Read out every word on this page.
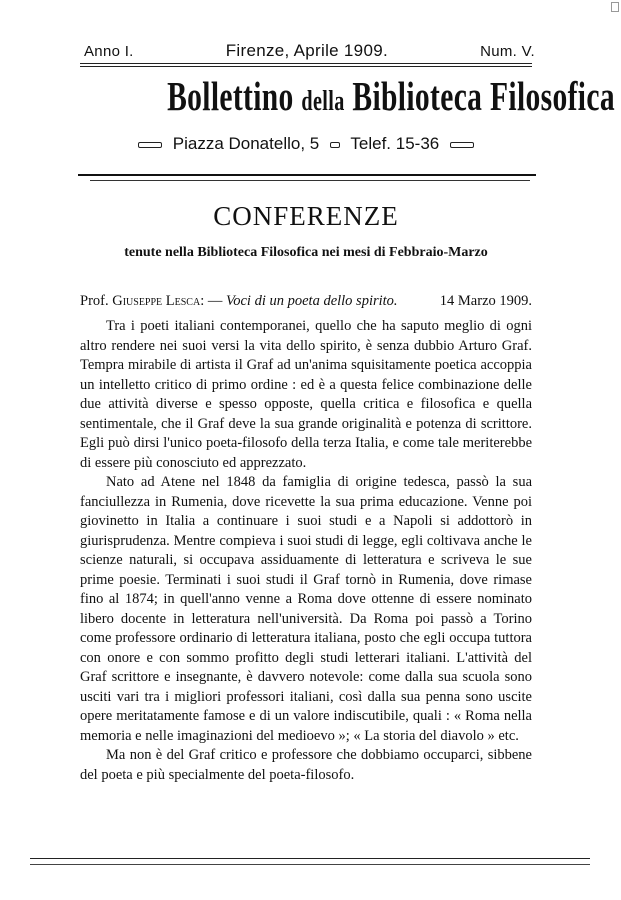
Anno I.	Firenze, Aprile 1909.	Num. V.
Bollettino della Biblioteca Filosofica
Piazza Donatello, 5 Telef. 15-36
CONFERENZE
tenute nella Biblioteca Filosofica nei mesi di Febbraio-Marzo
Prof. Giuseppe Lesca: — Voci di un poeta dello spirito.	14 Marzo 1909.

Tra i poeti italiani contemporanei, quello che ha saputo meglio di ogni altro rendere nei suoi versi la vita dello spirito, è senza dubbio Arturo Graf. Tempra mirabile di artista il Graf ad un'anima squisitamente poetica accoppia un intelletto critico di primo ordine : ed è a questa felice combinazione delle due attività diverse e spesso opposte, quella critica e filosofica e quella sentimentale, che il Graf deve la sua grande originalità e potenza di scrittore. Egli può dirsi l'unico poeta-filosofo della terza Italia, e come tale meriterebbe di essere più conosciuto ed apprezzato.

Nato ad Atene nel 1848 da famiglia di origine tedesca, passò la sua fanciullezza in Rumenia, dove ricevette la sua prima educazione. Venne poi giovinetto in Italia a continuare i suoi studi e a Napoli si addottorò in giurisprudenza. Mentre compieva i suoi studi di legge, egli coltivava anche le scienze naturali, si occupava assiduamente di letteratura e scriveva le sue prime poesie. Terminati i suoi studi il Graf tornò in Rumenia, dove rimase fino al 1874; in quell'anno venne a Roma dove ottenne di essere nominato libero docente in letteratura nell'università. Da Roma poi passò a Torino come professore ordinario di letteratura italiana, posto che egli occupa tuttora con onore e con sommo profitto degli studi letterari italiani. L'attività del Graf scrittore e insegnante, è davvero notevole: come dalla sua scuola sono usciti vari tra i migliori professori italiani, così dalla sua penna sono uscite opere meritatamente famose e di un valore indiscutibile, quali : « Roma nella memoria e nelle imaginazioni del medioevo »; « La storia del diavolo » etc.

Ma non è del Graf critico e professore che dobbiamo occuparci, sibbene del poeta e più specialmente del poeta-filosofo.
